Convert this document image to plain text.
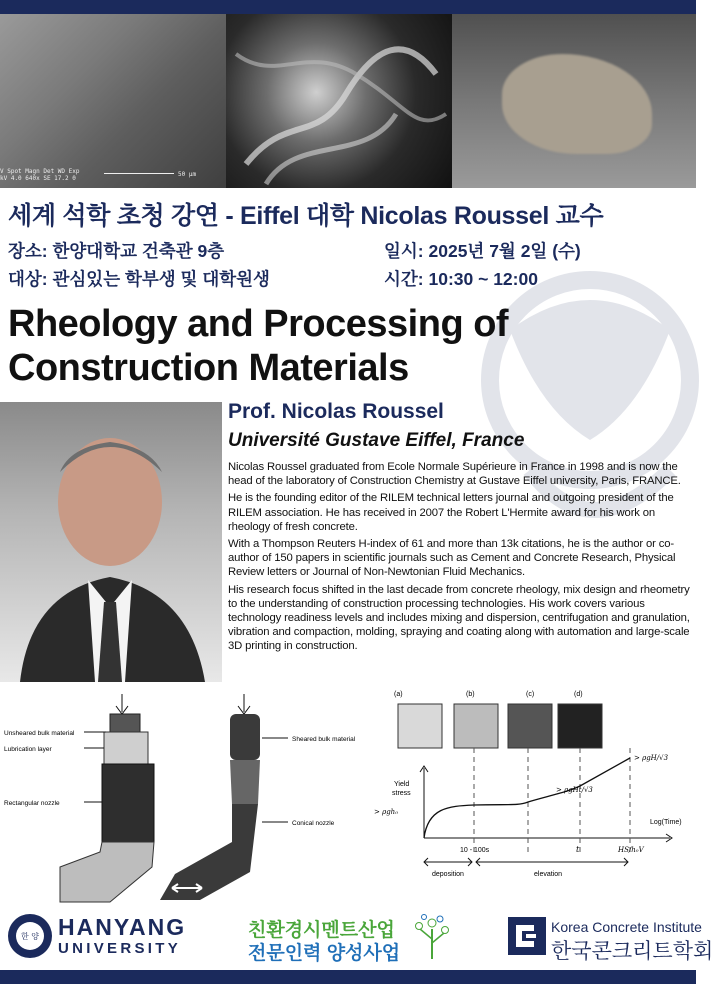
V Spot Magn Det WD Exp
kV 4.0 640x SE 17.2 0
50 μm
세계 석학 초청 강연 - Eiffel 대학 Nicolas Roussel 교수
장소: 한양대학교 건축관 9층
대상: 관심있는 학부생 및 대학원생
일시: 2025년 7월 2일 (수)
시간: 10:30 ~ 12:00
Rheology and Processing of
Construction Materials
Prof. Nicolas Roussel
Université Gustave Eiffel, France

Nicolas Roussel graduated from Ecole Normale Supérieure in France in 1998 and is now the head of the laboratory of Construction Chemistry at Gustave Eiffel university, Paris, FRANCE.

He is the founding editor of the RILEM technical letters journal and outgoing president of the RILEM association. He has received in 2007 the Robert L'Hermite award for his work on rheology of fresh concrete.

With a Thompson Reuters H-index of 61 and more than 13k citations, he is the author or co-author of 150 papers in scientific journals such as Cement and Concrete Research, Physical Review letters or Journal of Non-Newtonian Fluid Mechanics.

His research focus shifted in the last decade from concrete rheology, mix design and rheometry to the understanding of construction processing technologies. His work covers various technology readiness levels and includes mixing and dispersion, centrifugation and granulation, vibration and compaction, molding, spraying and coating along with automation and large-scale 3D printing in construction.

Unsheared bulk material
Lubrication layer
Rectangular nozzle
Sheared bulk material
Conical nozzle
(a)	(b)	(c)	(d)
Yield
stress
Log(Time)
> ρgh₀
> ρgHt/√3
> ρgH/√3
10 - 100s	t	HS/h₀V
deposition	elevation
한 양 HANYANG
UNIVERSITY
친환경시멘트산업
전문인력 양성사업
Korea Concrete Institute
한국콘크리트학회
